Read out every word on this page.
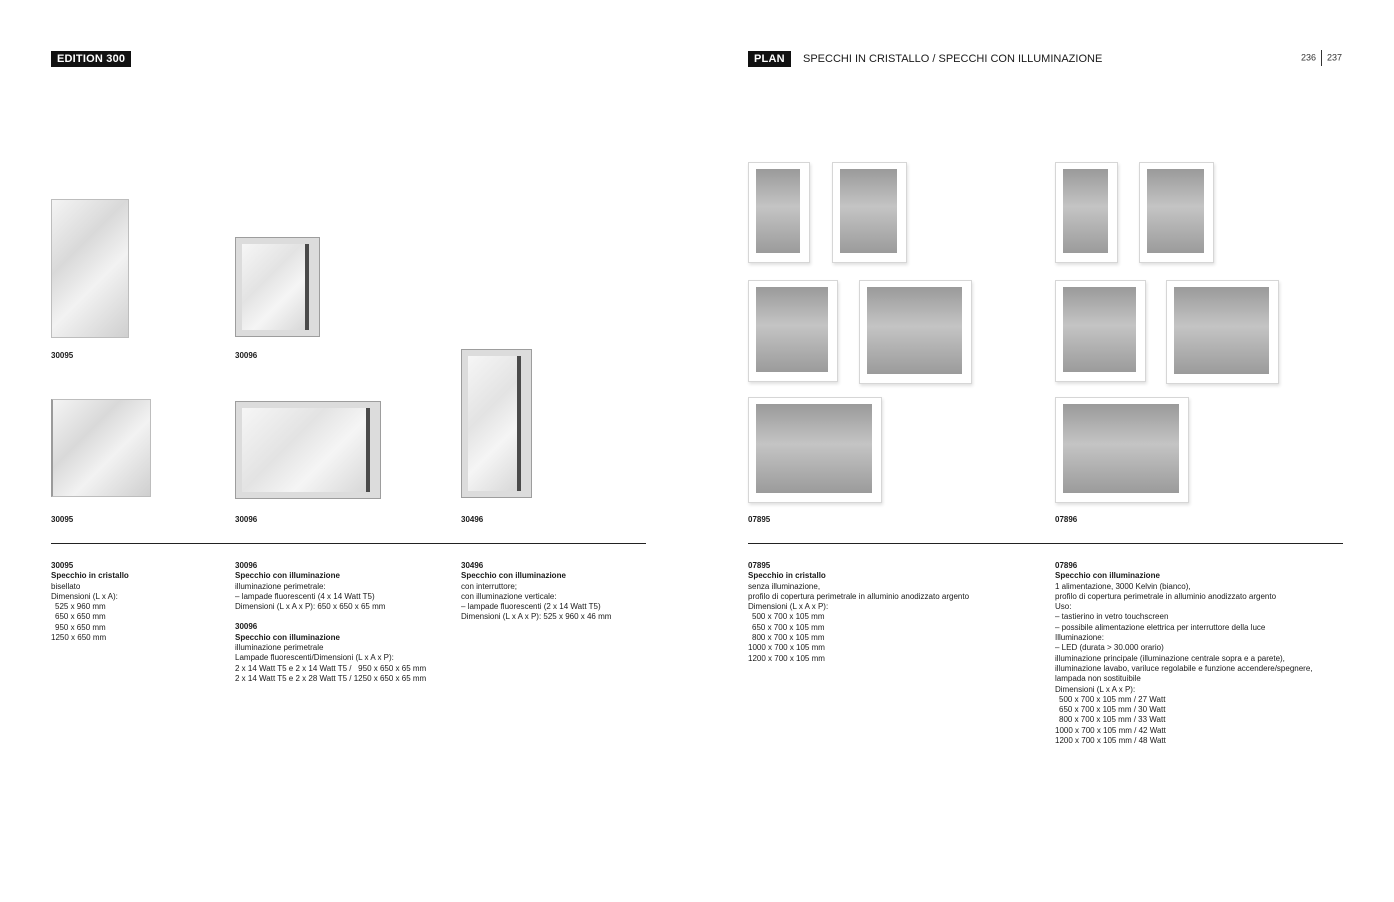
EDITION 300	PLAN	SPECCHI IN CRISTALLO / SPECCHI CON ILLUMINAZIONE	236 237
30095	30096
30095	30096	30496	07895	07896
30095
Specchio in cristallo
bisellato
Dimensioni (L x A):
525 x 960 mm
650 x 650 mm
950 x 650 mm
1250 x 650 mm
30096
Specchio con illuminazione
illuminazione perimetrale:
– lampade fluorescenti (4 x 14 Watt T5)
Dimensioni (L x A x P): 650 x 650 x 65 mm
30096
Specchio con illuminazione
illuminazione perimetrale
Lampade fluorescenti/Dimensioni (L x A x P):
2 x 14 Watt T5 e 2 x 14 Watt T5 /   950 x 650 x 65 mm
2 x 14 Watt T5 e 2 x 28 Watt T5 / 1250 x 650 x 65 mm
30496
Specchio con illuminazione
con interruttore;
con illuminazione verticale:
– lampade fluorescenti (2 x 14 Watt T5)
Dimensioni (L x A x P): 525 x 960 x 46 mm
07895
Specchio in cristallo
senza illuminazione,
profilo di copertura perimetrale in alluminio anodizzato argento
Dimensioni (L x A x P):
500 x 700 x 105 mm
650 x 700 x 105 mm
800 x 700 x 105 mm
1000 x 700 x 105 mm
1200 x 700 x 105 mm
07896
Specchio con illuminazione
1 alimentazione, 3000 Kelvin (bianco),
profilo di copertura perimetrale in alluminio anodizzato argento
Uso:
– tastierino in vetro touchscreen
– possibile alimentazione elettrica per interruttore della luce
Illuminazione:
– LED (durata > 30.000 orario)
illuminazione principale (illuminazione centrale sopra e a parete),
illuminazione lavabo, variluce regolabile e funzione accendere/spegnere,
lampada non sostituibile
Dimensioni (L x A x P):
500 x 700 x 105 mm / 27 Watt
650 x 700 x 105 mm / 30 Watt
800 x 700 x 105 mm / 33 Watt
1000 x 700 x 105 mm / 42 Watt
1200 x 700 x 105 mm / 48 Watt
